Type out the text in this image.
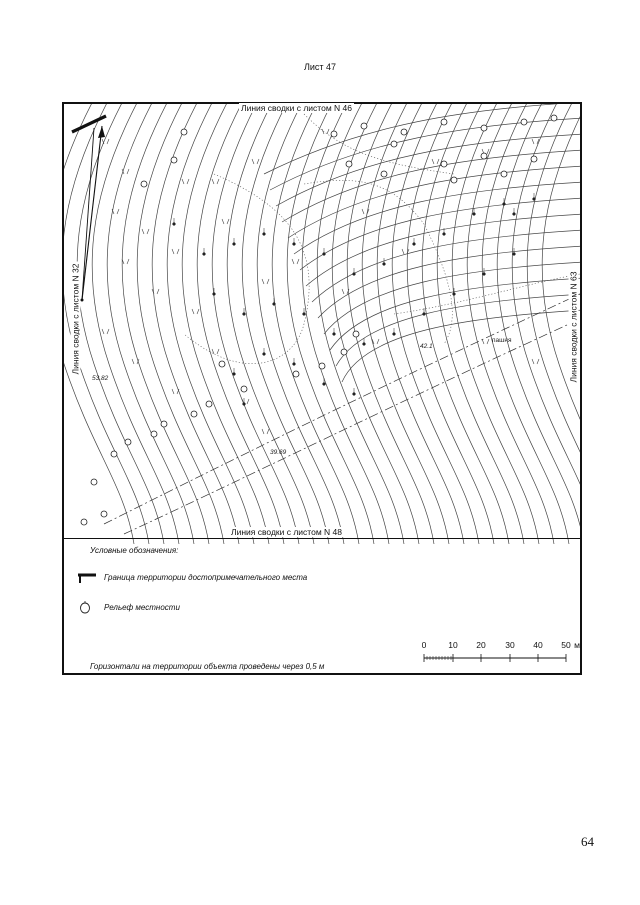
Лист 47
53.82
39.69
42.1
пашня
Линия сводки с листом N 46
Линия сводки с листом N 48
Линия сводки с листом N 32	Линия сводки с листом N 63
Условные обозначения:
Граница территории достопримечательного места
Рельеф местности
0	10 20 30 40 50 м
Горизонтали на территории объекта проведены через 0,5 м
64
